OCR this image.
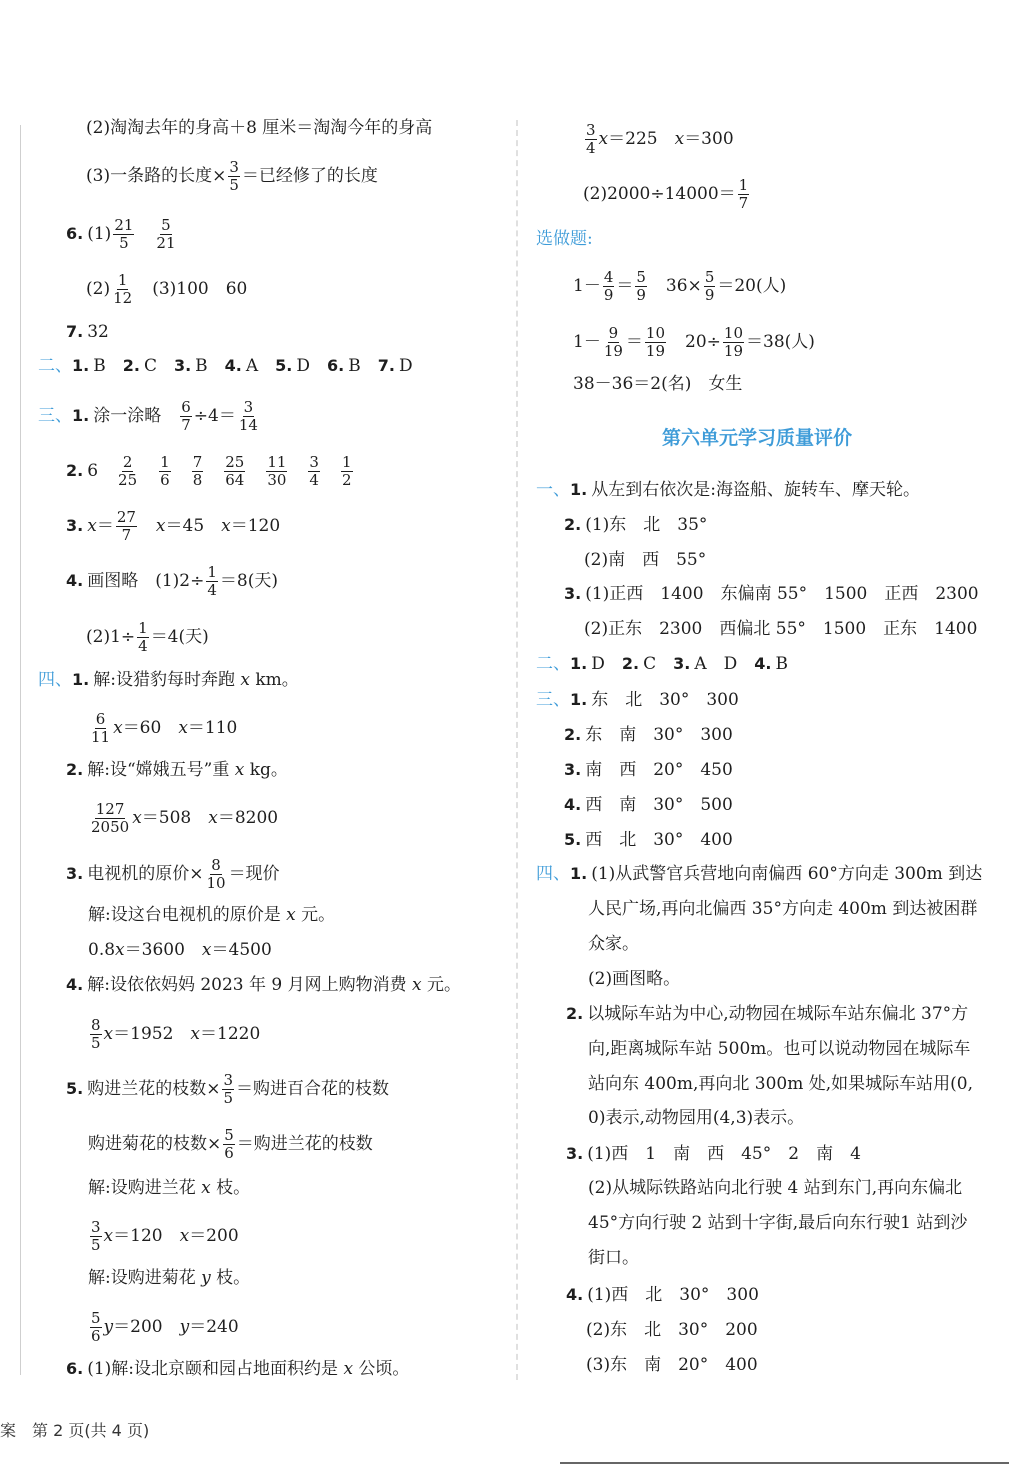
(2)淘淘去年的身高＋8 厘米＝淘淘今年的身高
(3)一条路的长度× $\frac{3}{5}$ ＝已经修了的长度
6. $(1) \frac{21}{5}$
　 $\frac{5}{21}$
$(2) \frac{1}{12}$
　 (3)100　60
7. 32
二、1. B　 2. C　 3. B　 4. A　 5. D　 6. B　 7. D
三、1. 涂一涂略　 $\frac{6}{7} \div 4= \frac{3}{14}$
2. 6　 $\frac{2}{25}$
　 $\frac{1}{6}$
　 $\frac{7}{8}$
　 $\frac{25}{64}$
　 $\frac{11}{30}$
　 $\frac{3}{4}$
　 $\frac{1}{2}$
3. $x= \frac{27}{7}$
　 x＝45　 x＝120
4. 画图略　$(1)2\div \frac{1}{4} =8$(天)
$(2)1\div \frac{1}{4} =4$(天)
四、1. 解:设猎豹每时奔跑 x km。
$\frac{6}{11} x=60$　 x＝110
2. 解:设“嫦娥五号”重 x kg。
$\frac{127}{2050} x=508$　 x＝8200
3. 电视机的原价× $\frac{8}{10}$ ＝现价
解:设这台电视机的原价是 x 元。
0.8x＝3600　 x＝4500
4. 解:设依依妈妈 2023 年 9 月网上购物消费 x 元。
$\frac{8}{5} x=1952$　 x＝1220
5. 购进兰花的枝数× $\frac{3}{5}$ ＝购进百合花的枝数
购进菊花的枝数× $\frac{5}{6}$ ＝购进兰花的枝数
解:设购进兰花 x 枝。
$\frac{3}{5} x=120$　 x＝200
解:设购进菊花 y 枝。
$\frac{5}{6} y=200$　 y＝240
6. (1)解:设北京颐和园占地面积约是 x 公顷。
$\frac{3}{4} x=225$　 x＝300
$(2)2000\div 14000= \frac{1}{7}$
选做题:
$1- \frac{4}{9} = \frac{5}{9}$
　 $36\times \frac{5}{9} =20$(人)
$1- \frac{9}{19} = \frac{10}{19}$
　 $20\div \frac{10}{19} =38$(人)
38－36＝2(名)　女生
第六单元学习质量评价
一、1. 从左到右依次是:海盗船、旋转车、摩天轮。
2. (1)东　北　35°
(2)南　西　55°
3. (1)正西　1400　东偏南 55°　1500　正西　2300
(2)正东　2300　西偏北 55°　1500　正东　1400
二、1. D　 2. C　 3. A　D　 4. B
三、1. 东　北　30°　300
2. 东　南　30°　300
3. 南　西　20°　450
4. 西　南　30°　500
5. 西　北　30°　400
四、1. (1)从武警官兵营地向南偏西 60°方向走 300m 到达
人民广场,再向北偏西 35°方向走 400m 到达被困群
众家。
(2)画图略。
2. 以城际车站为中心,动物园在城际车站东偏北 37°方
向,距离城际车站 500m。也可以说动物园在城际车
站向东 400m,再向北 300m 处,如果城际车站用(0,
0)表示,动物园用(4,3)表示。
3. (1)西　1　南　西　45°　2　南　4
(2)从城际铁路站向北行驶 4 站到东门,再向东偏北
45°方向行驶 2 站到十字街,最后向东行驶1 站到沙
街口。
4. (1)西　北　30°　300
(2)东　北　30°　200
(3)东　南　20°　400
案　第 2 页(共 4 页)
